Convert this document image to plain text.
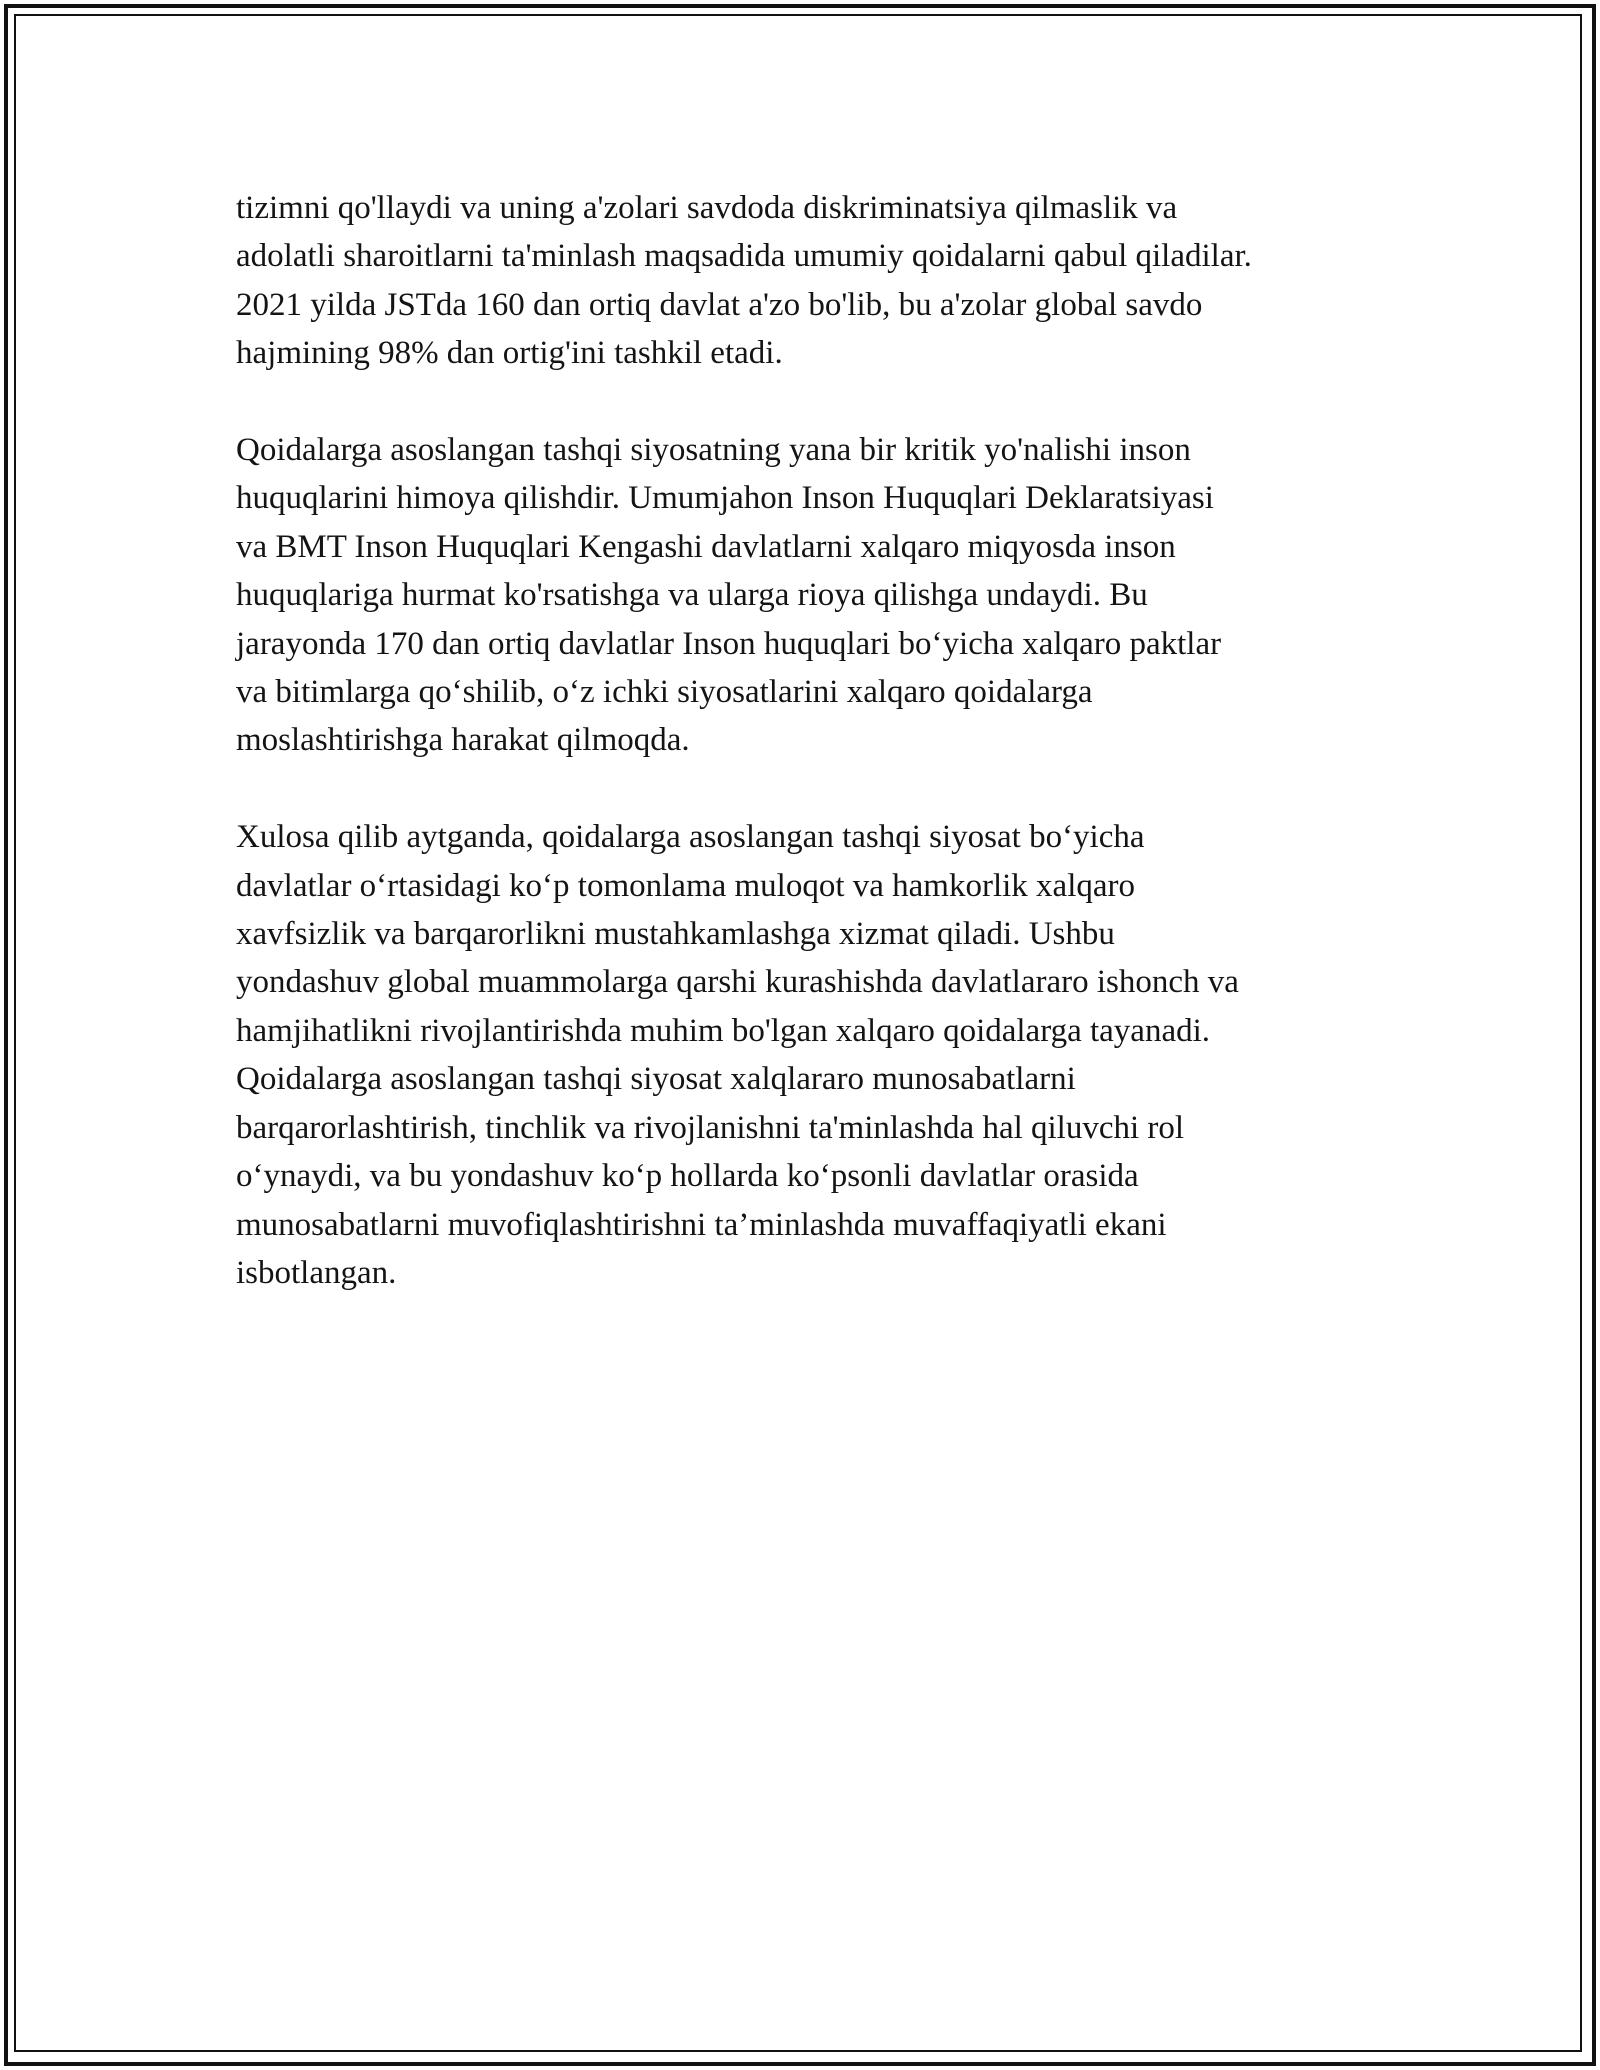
tizimni qo'llaydi va uning a'zolari savdoda diskriminatsiya qilmaslik va
adolatli sharoitlarni ta'minlash maqsadida umumiy qoidalarni qabul qiladilar.
2021 yilda JSTda 160 dan ortiq davlat a'zo bo'lib, bu a'zolar global savdo
hajmining 98% dan ortig'ini tashkil etadi.

Qoidalarga asoslangan tashqi siyosatning yana bir kritik yo'nalishi inson
huquqlarini himoya qilishdir. Umumjahon Inson Huquqlari Deklaratsiyasi
va BMT Inson Huquqlari Kengashi davlatlarni xalqaro miqyosda inson
huquqlariga hurmat ko'rsatishga va ularga rioya qilishga undaydi. Bu
jarayonda 170 dan ortiq davlatlar Inson huquqlari bo‘yicha xalqaro paktlar
va bitimlarga qo‘shilib, o‘z ichki siyosatlarini xalqaro qoidalarga
moslashtirishga harakat qilmoqda.

Xulosa qilib aytganda, qoidalarga asoslangan tashqi siyosat bo‘yicha
davlatlar o‘rtasidagi ko‘p tomonlama muloqot va hamkorlik xalqaro
xavfsizlik va barqarorlikni mustahkamlashga xizmat qiladi. Ushbu
yondashuv global muammolarga qarshi kurashishda davlatlararo ishonch va
hamjihatlikni rivojlantirishda muhim bo'lgan xalqaro qoidalarga tayanadi.
Qoidalarga asoslangan tashqi siyosat xalqlararo munosabatlarni
barqarorlashtirish, tinchlik va rivojlanishni ta'minlashda hal qiluvchi rol
o‘ynaydi, va bu yondashuv ko‘p hollarda ko‘psonli davlatlar orasida
munosabatlarni muvofiqlashtirishni ta’minlashda muvaffaqiyatli ekani
isbotlangan.
